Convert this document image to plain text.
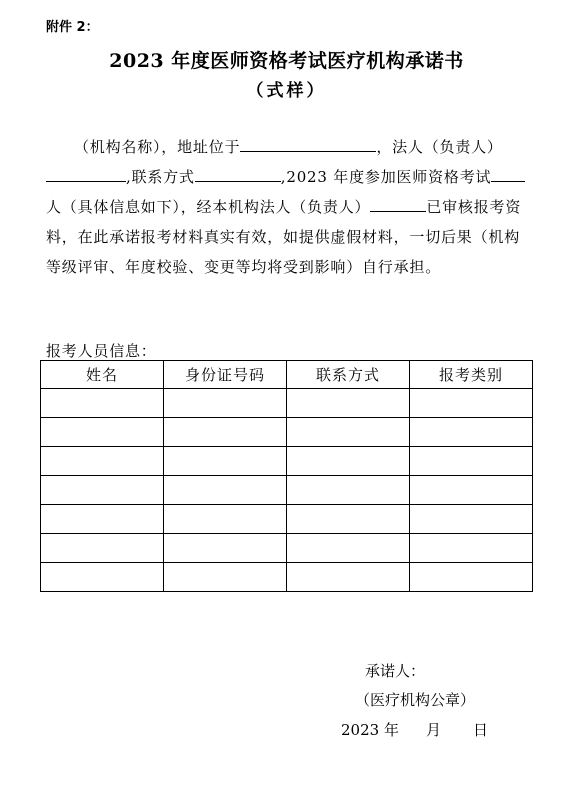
附件 2：
2023 年度医师资格考试医疗机构承诺书
（式样）
（机构名称），地址位于	，法人（负责人）
,联系方式	,2023 年度参加医师资格考试
人（具体信息如下），经本机构法人（负责人）	已审核报考资
料，在此承诺报考材料真实有效，如提供虚假材料，一切后果（机构
等级评审、年度校验、变更等均将受到影响）自行承担。
报考人员信息：
姓名	身份证号码	联系方式	报考类别

承诺人：
（医疗机构公章）
2023 年 月 日
